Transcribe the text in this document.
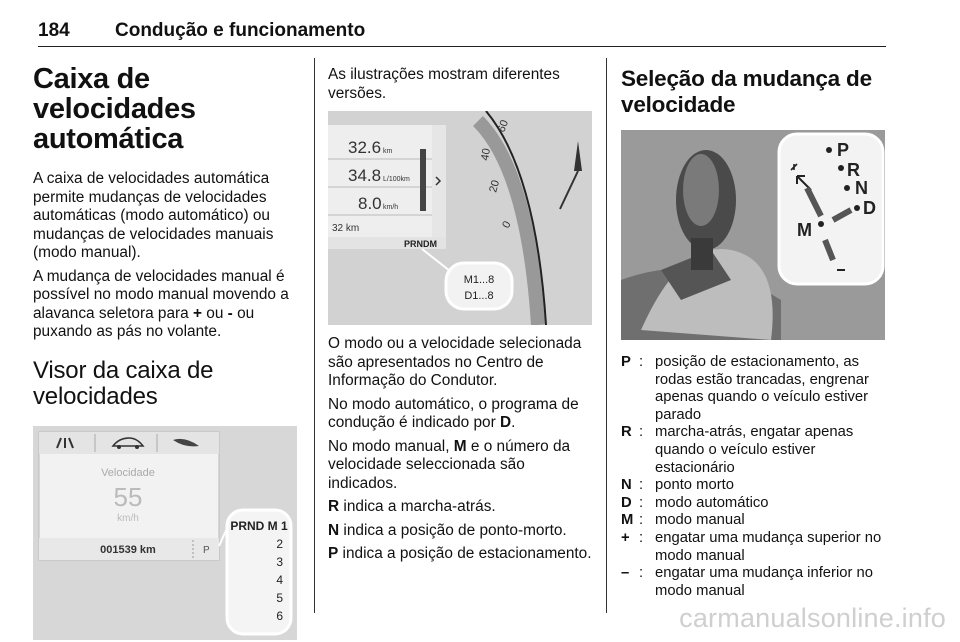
184 Condução e funcionamento
Caixa de velocidades
automática

A caixa de velocidades automática permite mudanças de velocidades automáticas (modo automático) ou mudanças de velocidades manuais (modo manual).

A mudança de velocidades manual é possível no modo manual movendo a alavanca seletora para + ou - ou puxando as pás no volante.

Visor da caixa de
velocidades
Velocidade
55
km/h
001539 km	P
PRND M 1
2
3
4
5
6

As ilustrações mostram diferentes versões.

32.6 km
34.8 L/100km
8.0 km/h
32 km
PRNDM
0
20
40
60
M1...8
D1...8

O modo ou a velocidade selecionada são apresentados no Centro de Informação do Condutor.

No modo automático, o programa de condução é indicado por D.

No modo manual, M e o número da velocidade seleccionada são indicados.

R indica a marcha-atrás.

N indica a posição de ponto-morto.

P indica a posição de estacionamento.

Seleção da mudança de
velocidade
P
R
N
D
M
P : posição de estacionamento, as rodas estão trancadas, engrenar apenas quando o veículo estiver parado
R : marcha-atrás, engatar apenas quando o veículo estiver estacionário
N : ponto morto
D : modo automático
M : modo manual
+ : engatar uma mudança superior no modo manual
– : engatar uma mudança inferior no modo manual
carmanualsonline.info
